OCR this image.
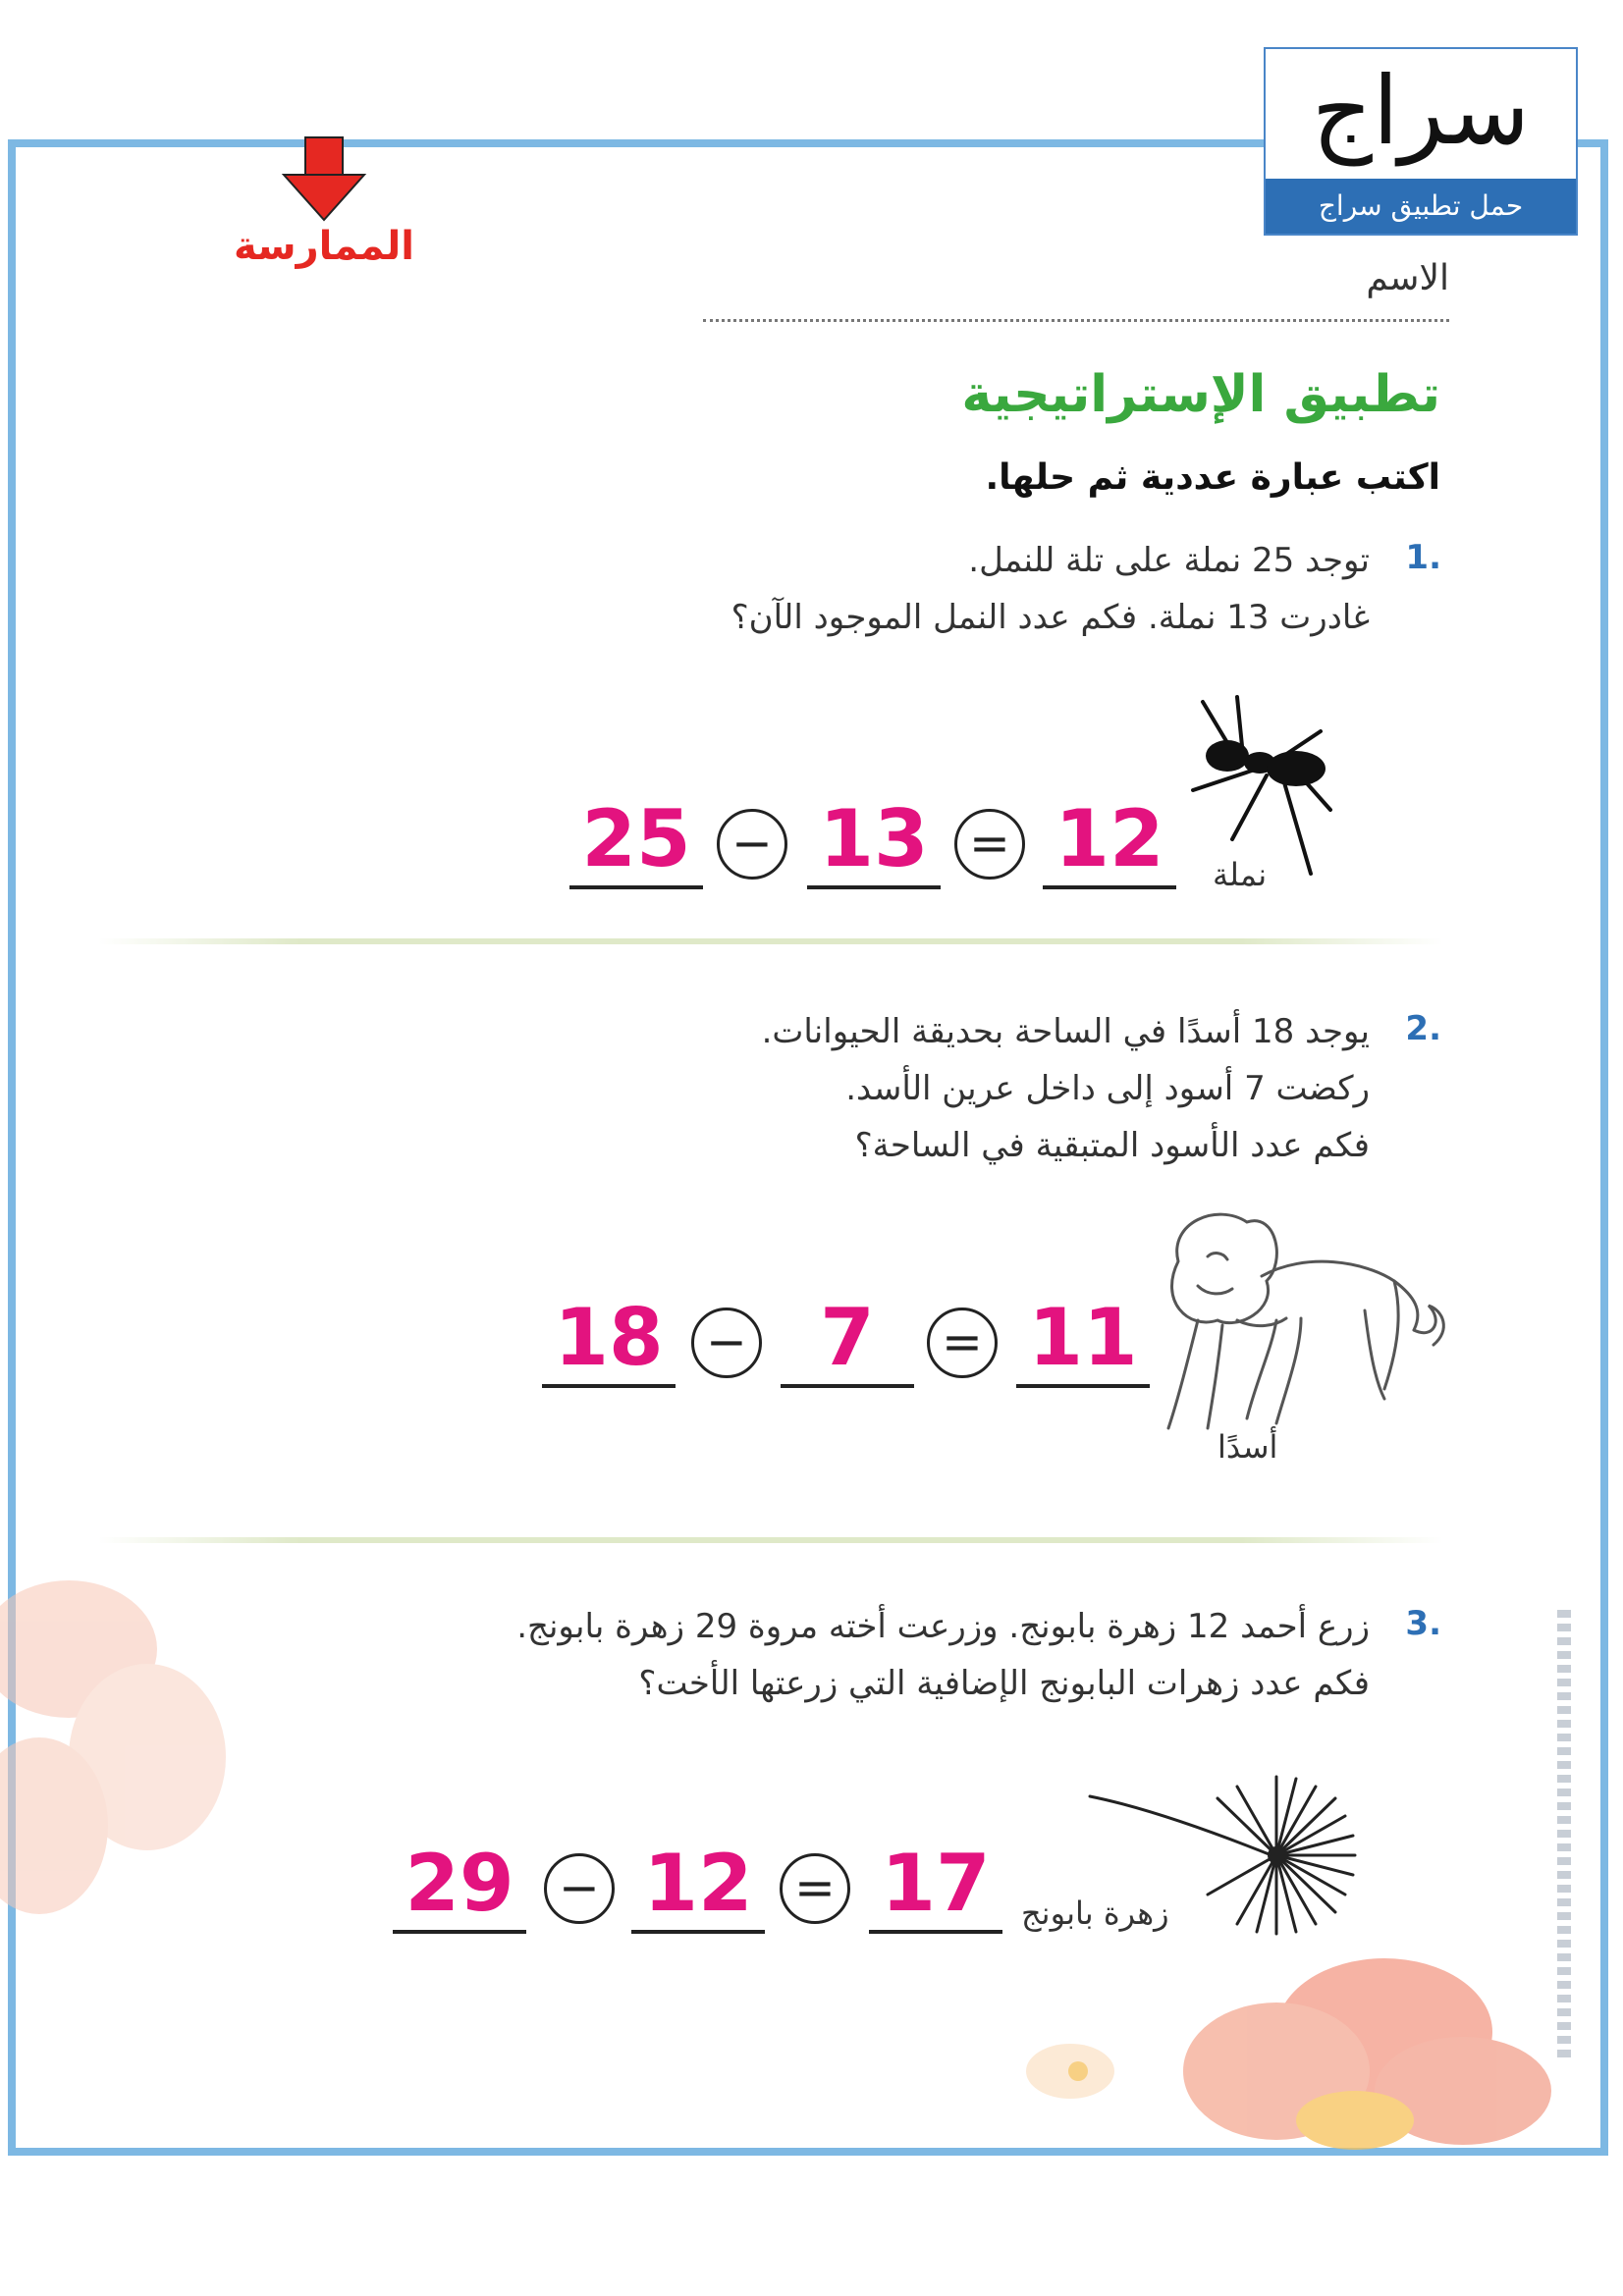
سراج
حمل تطبيق سراج
الممارسة
الاسم
تطبيق الإستراتيجية
اكتب عبارة عددية ثم حلها.
1.
توجد 25 نملة على تلة للنمل.
غادرت 13 نملة. فكم عدد النمل الموجود الآن؟
نملة
25 − 13 = 12
2.
يوجد 18 أسدًا في الساحة بحديقة الحيوانات.
ركضت 7 أسود إلى داخل عرين الأسد.
فكم عدد الأسود المتبقية في الساحة؟
أسدًا
18 − 7	= 11
3.
زرع أحمد 12 زهرة بابونج. وزرعت أخته مروة 29 زهرة بابونج.
فكم عدد زهرات البابونج الإضافية التي زرعتها الأخت؟
زهرة بابونج
29 − 12 = 17
